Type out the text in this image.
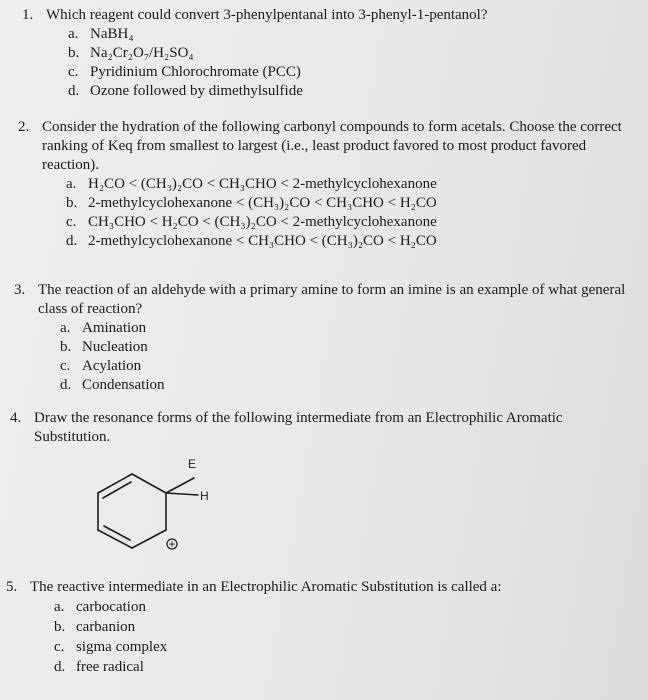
1. Which reagent could convert 3-phenylpentanal into 3-phenyl-1-pentanol?
a. NaBH₄
b. Na₂Cr₂O₇/H₂SO₄
c. Pyridinium Chlorochromate (PCC)
d. Ozone followed by dimethylsulfide
2. Consider the hydration of the following carbonyl compounds to form acetals. Choose the correct ranking of Keq from smallest to largest (i.e., least product favored to most product favored reaction).
a. H₂CO < (CH₃)₂CO < CH₃CHO < 2-methylcyclohexanone
b. 2-methylcyclohexanone < (CH₃)₂CO < CH₃CHO < H₂CO
c. CH₃CHO < H₂CO < (CH₃)₂CO < 2-methylcyclohexanone
d. 2-methylcyclohexanone < CH₃CHO < (CH₃)₂CO < H₂CO
3. The reaction of an aldehyde with a primary amine to form an imine is an example of what general class of reaction?
a. Amination
b. Nucleation
c. Acylation
d. Condensation
4. Draw the resonance forms of the following intermediate from an Electrophilic Aromatic Substitution.
E
H
+
5. The reactive intermediate in an Electrophilic Aromatic Substitution is called a:
a. carbocation
b. carbanion
c. sigma complex
d. free radical
